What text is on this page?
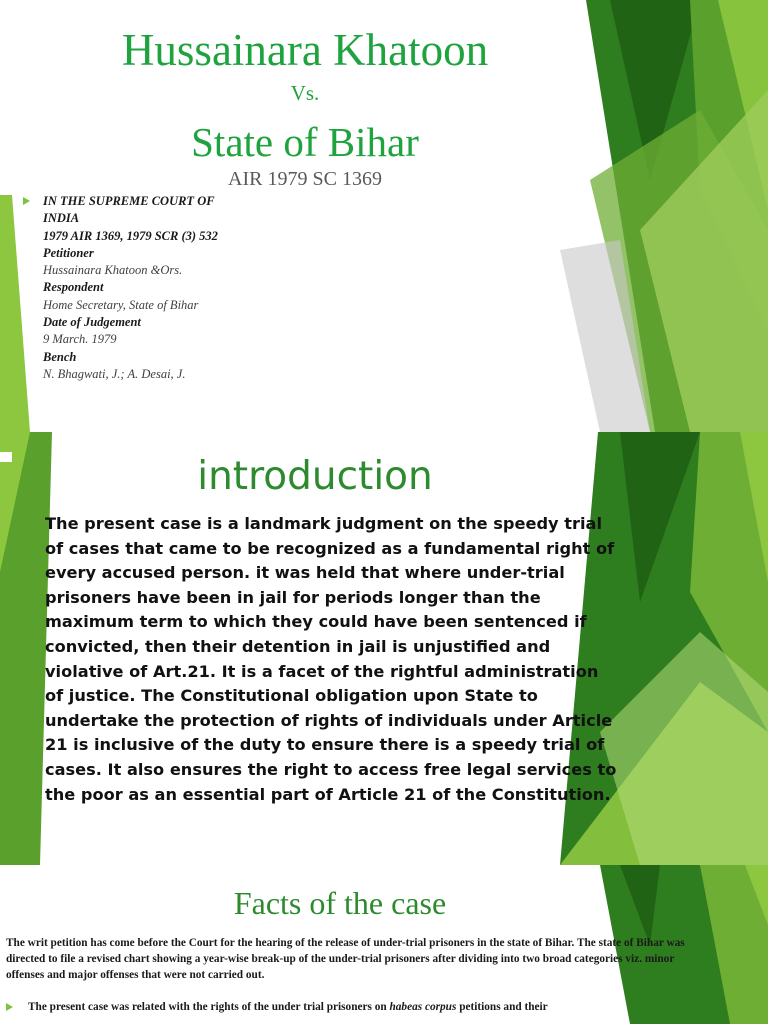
Hussainara Khatoon
Vs.
State of Bihar
AIR 1979 SC 1369
IN THE SUPREME COURT OF
INDIA
1979 AIR 1369, 1979 SCR (3) 532
Petitioner
Hussainara Khatoon &Ors.
Respondent
Home Secretary, State of Bihar
Date of Judgement
9 March. 1979
Bench
N. Bhagwati, J.; A. Desai, J.
introduction

The present case is a landmark judgment on the speedy trial of cases that came to be recognized as a fundamental right of every accused person. it was held that where under-trial prisoners have been in jail for periods longer than the maximum term to which they could have been sentenced if convicted, then their detention in jail is unjustified and violative of Art.21. It is a facet of the rightful administration of justice. The Constitutional obligation upon State to undertake the protection of rights of individuals under Article 21 is inclusive of the duty to ensure there is a speedy trial of cases. It also ensures the right to access free legal services to the poor as an essential part of Article 21 of the Constitution.

Facts of the case

The writ petition has come before the Court for the hearing of the release of under-trial prisoners in the state of Bihar. The state of Bihar was directed to file a revised chart showing a year-wise break-up of the under-trial prisoners after dividing into two broad categories viz. minor offenses and major offenses that were not carried out.

The present case was related with the rights of the under trial prisoners on habeas corpus petitions and their
